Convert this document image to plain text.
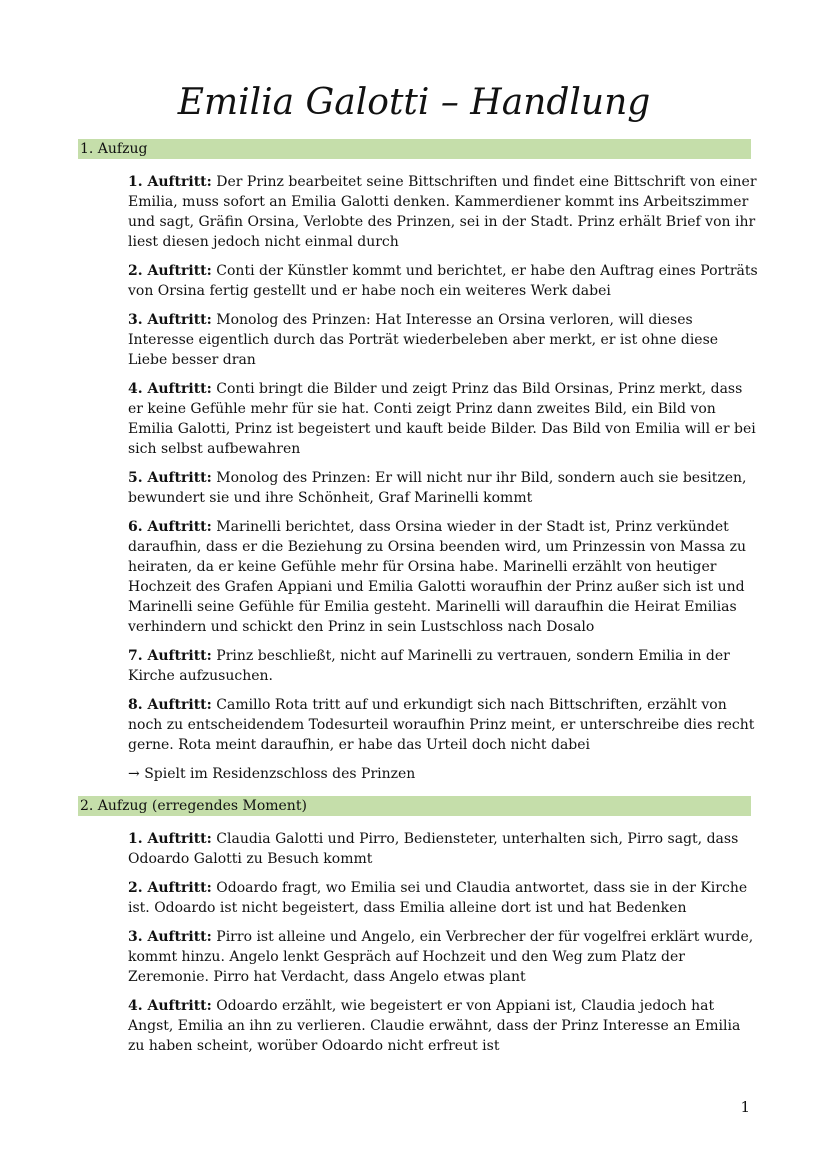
Emilia Galotti – Handlung
1. Aufzug

1. Auftritt: Der Prinz bearbeitet seine Bittschriften und findet eine Bittschrift von einer Emilia, muss sofort an Emilia Galotti denken. Kammerdiener kommt ins Arbeitszimmer und sagt, Gräfin Orsina, Verlobte des Prinzen, sei in der Stadt. Prinz erhält Brief von ihr liest diesen jedoch nicht einmal durch

2. Auftritt: Conti der Künstler kommt und berichtet, er habe den Auftrag eines Porträts von Orsina fertig gestellt und er habe noch ein weiteres Werk dabei

3. Auftritt: Monolog des Prinzen: Hat Interesse an Orsina verloren, will dieses Interesse eigentlich durch das Porträt wiederbeleben aber merkt, er ist ohne diese Liebe besser dran

4. Auftritt: Conti bringt die Bilder und zeigt Prinz das Bild Orsinas, Prinz merkt, dass er keine Gefühle mehr für sie hat. Conti zeigt Prinz dann zweites Bild, ein Bild von Emilia Galotti, Prinz ist begeistert und kauft beide Bilder. Das Bild von Emilia will er bei sich selbst aufbewahren

5. Auftritt: Monolog des Prinzen: Er will nicht nur ihr Bild, sondern auch sie besitzen, bewundert sie und ihre Schönheit, Graf Marinelli kommt

6. Auftritt: Marinelli berichtet, dass Orsina wieder in der Stadt ist, Prinz verkündet daraufhin, dass er die Beziehung zu Orsina beenden wird, um Prinzessin von Massa zu heiraten, da er keine Gefühle mehr für Orsina habe. Marinelli erzählt von heutiger Hochzeit des Grafen Appiani und Emilia Galotti woraufhin der Prinz außer sich ist und Marinelli seine Gefühle für Emilia gesteht. Marinelli will daraufhin die Heirat Emilias verhindern und schickt den Prinz in sein Lustschloss nach Dosalo

7. Auftritt: Prinz beschließt, nicht auf Marinelli zu vertrauen, sondern Emilia in der Kirche aufzusuchen.

8. Auftritt: Camillo Rota tritt auf und erkundigt sich nach Bittschriften, erzählt von noch zu entscheidendem Todesurteil woraufhin Prinz meint, er unterschreibe dies recht gerne. Rota meint daraufhin, er habe das Urteil doch nicht dabei

→ Spielt im Residenzschloss des Prinzen

2. Aufzug (erregendes Moment)

1. Auftritt: Claudia Galotti und Pirro, Bediensteter, unterhalten sich, Pirro sagt, dass Odoardo Galotti zu Besuch kommt

2. Auftritt: Odoardo fragt, wo Emilia sei und Claudia antwortet, dass sie in der Kirche ist. Odoardo ist nicht begeistert, dass Emilia alleine dort ist und hat Bedenken

3. Auftritt: Pirro ist alleine und Angelo, ein Verbrecher der für vogelfrei erklärt wurde, kommt hinzu. Angelo lenkt Gespräch auf Hochzeit und den Weg zum Platz der Zeremonie. Pirro hat Verdacht, dass Angelo etwas plant

4. Auftritt: Odoardo erzählt, wie begeistert er von Appiani ist, Claudia jedoch hat Angst, Emilia an ihn zu verlieren. Claudie erwähnt, dass der Prinz Interesse an Emilia zu haben scheint, worüber Odoardo nicht erfreut ist

1
